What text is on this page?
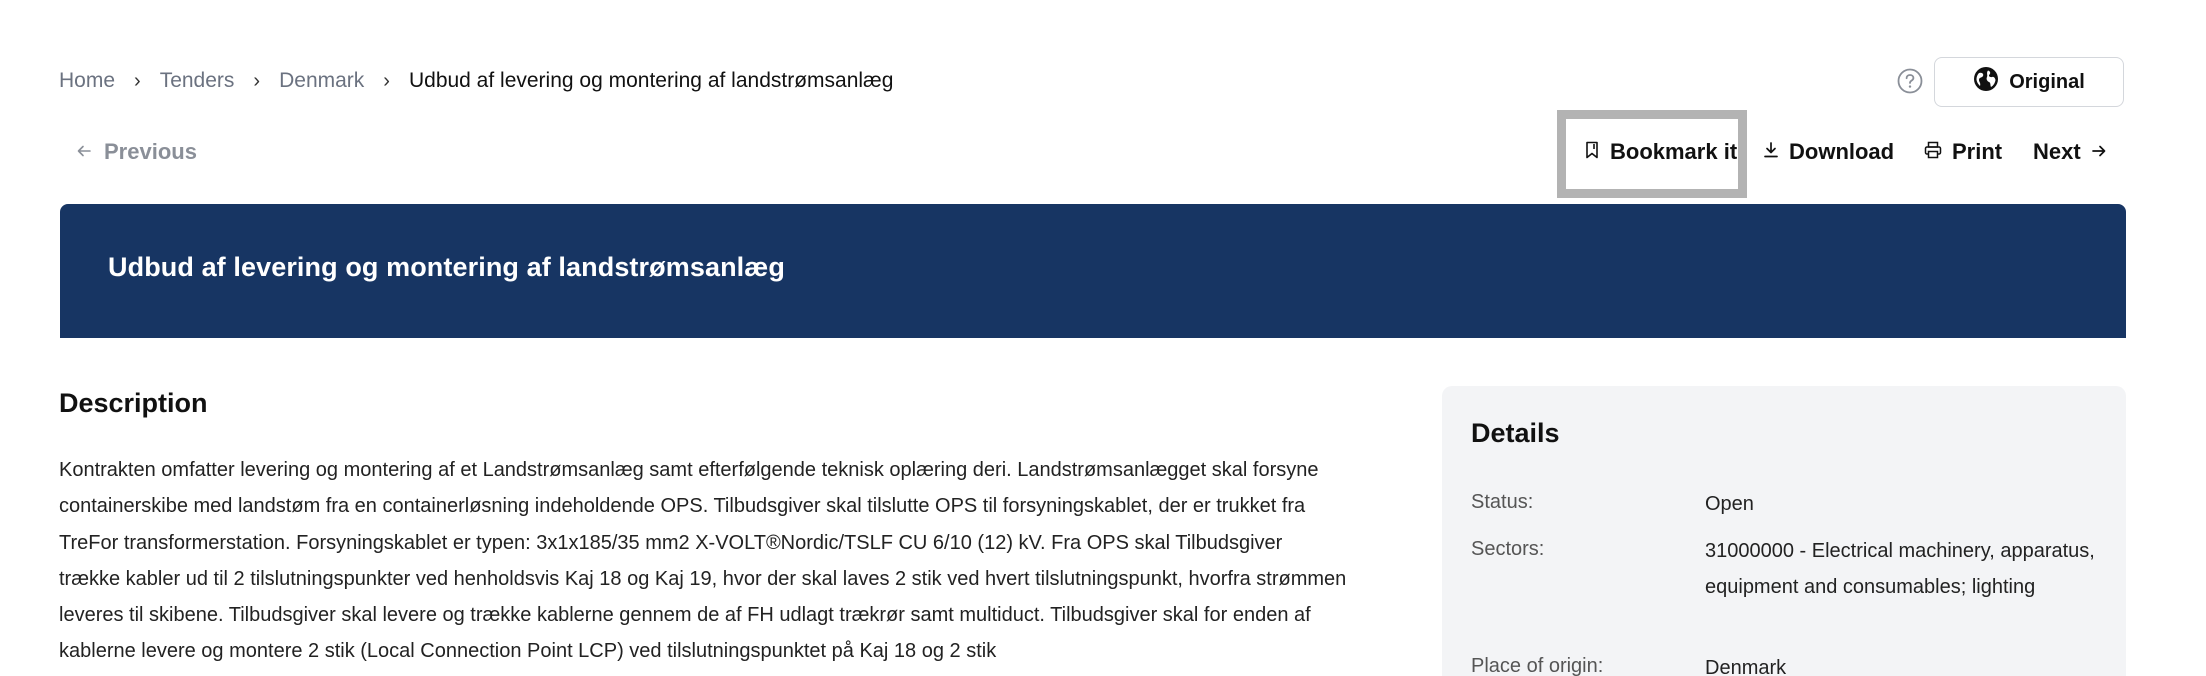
Home › Tenders › Denmark › Udbud af levering og montering af landstrømsanlæg	Original
Previous	Bookmark it Download	Print Next
Udbud af levering og montering af landstrømsanlæg
Description

Kontrakten omfatter levering og montering af et Landstrømsanlæg samt efterfølgende teknisk oplæring deri. Landstrømsanlægget skal forsyne containerskibe med landstøm fra en containerløsning indeholdende OPS. Tilbudsgiver skal tilslutte OPS til forsyningskablet, der er trukket fra TreFor transformerstation. Forsyningskablet er typen: 3x1x185/35 mm2 X-VOLT®Nordic/TSLF CU 6/10 (12) kV. Fra OPS skal Tilbudsgiver trække kabler ud til 2 tilslutningspunkter ved henholdsvis Kaj 18 og Kaj 19, hvor der skal laves 2 stik ved hvert tilslutningspunkt, hvorfra strømmen leveres til skibene. Tilbudsgiver skal levere og trække kablerne gennem de af FH udlagt trækrør samt multiduct. Tilbudsgiver skal for enden af kablerne levere og montere 2 stik (Local Connection Point LCP) ved tilslutningspunktet på Kaj 18 og 2 stik

Details
Status:	Open
Sectors:	31000000 - Electrical machinery, apparatus, equipment and consumables; lighting
Place of origin:	Denmark
